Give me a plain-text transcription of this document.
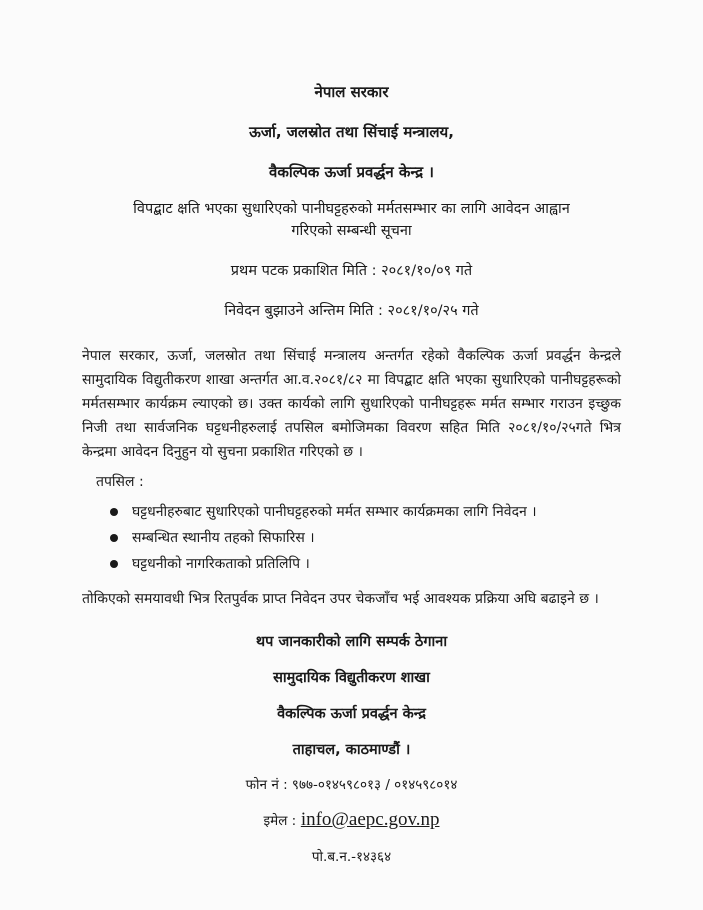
नेपाल सरकार
ऊर्जा, जलस्रोत तथा सिंचाई मन्त्रालय,
वैकल्पिक ऊर्जा प्रवर्द्धन केन्द्र ।
विपद्बाट क्षति भएका सुधारिएको पानीघट्टहरुको मर्मतसम्भार का लागि आवेदन आह्वान
गरिएको सम्बन्धी सूचना
प्रथम पटक प्रकाशित मिति : २०८१/१०/०९ गते
निवेदन बुझाउने अन्तिम मिति : २०८१/१०/२५ गते

नेपाल सरकार, ऊर्जा, जलस्रोत तथा सिंचाई मन्त्रालय अन्तर्गत रहेको वैकल्पिक ऊर्जा प्रवर्द्धन केन्द्रले सामुदायिक विद्युतीकरण शाखा अन्तर्गत आ.व.२०८१/८२ मा विपद्बाट क्षति भएका सुधारिएको पानीघट्टहरूको मर्मतसम्भार कार्यक्रम ल्याएको छ। उक्त कार्यको लागि सुधारिएको पानीघट्टहरू मर्मत सम्भार गराउन इच्छुक निजी तथा सार्वजनिक घट्टधनीहरुलाई तपसिल बमोजिमका विवरण सहित मिति २०८१/१०/२५गते भित्र केन्द्रमा आवेदन दिनुहुन यो सुचना प्रकाशित गरिएको छ ।

तपसिल :
घट्टधनीहरुबाट सुधारिएको पानीघट्टहरुको मर्मत सम्भार कार्यक्रमका लागि निवेदन ।
सम्बन्धित स्थानीय तहको सिफारिस ।
घट्टधनीको नागरिकताको प्रतिलिपि ।

तोकिएको समयावधी भित्र रितपुर्वक प्राप्त निवेदन उपर चेकजाँच भई आवश्यक प्रक्रिया अघि बढाइने छ ।

थप जानकारीको लागि सम्पर्क ठेगाना
सामुदायिक विद्युतीकरण शाखा
वैकल्पिक ऊर्जा प्रवर्द्धन केन्द्र
ताहाचल, काठमाण्डौं ।
फोन नं : ९७७-०१४५९८०१३ / ०१४५९८०१४
इमेल : info@aepc.gov.np
पो.ब.न.-१४३६४
